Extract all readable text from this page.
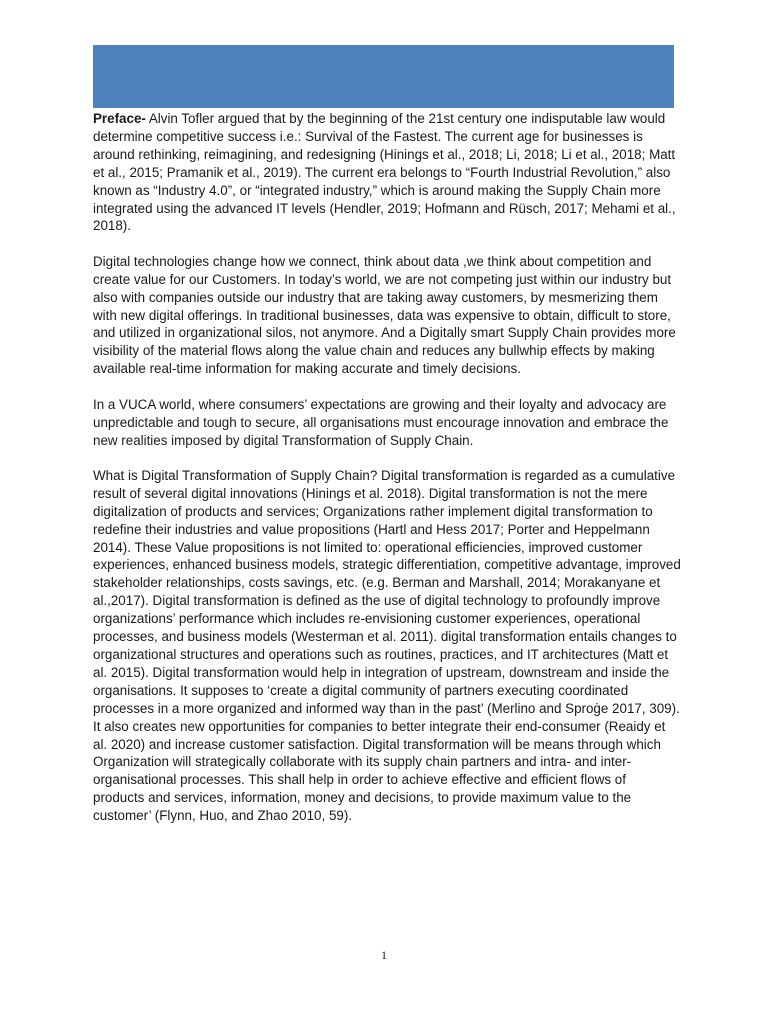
Preface- Alvin Tofler argued that by the beginning of the 21st century one indisputable law would determine competitive success i.e.: Survival of the Fastest. The current age for businesses is around rethinking, reimagining, and redesigning (Hinings et al., 2018; Li, 2018; Li et al., 2018; Matt et al., 2015; Pramanik et al., 2019). The current era belongs to “Fourth Industrial Revolution,” also known as “Industry 4.0”, or “integrated industry,” which is around making the Supply Chain more integrated using the advanced IT levels (Hendler, 2019; Hofmann and Rüsch, 2017; Mehami et al., 2018).

Digital technologies change how we connect, think about data ,we think about competition and create value for our Customers. In today’s world, we are not competing just within our industry but also with companies outside our industry that are taking away customers, by mesmerizing them with new digital offerings. In traditional businesses, data was expensive to obtain, difficult to store, and utilized in organizational silos, not anymore. And a Digitally smart Supply Chain provides more visibility of the material flows along the value chain and reduces any bullwhip effects by making available real-time information for making accurate and timely decisions.

In a VUCA world, where consumers’ expectations are growing and their loyalty and advocacy are unpredictable and tough to secure, all organisations must encourage innovation and embrace the new realities imposed by digital Transformation of Supply Chain.

What is Digital Transformation of Supply Chain? Digital transformation is regarded as a cumulative result of several digital innovations (Hinings et al. 2018). Digital transformation is not the mere digitalization of products and services; Organizations rather implement digital transformation to redefine their industries and value propositions (Hartl and Hess 2017; Porter and Heppelmann 2014). These Value propositions is not limited to: operational efficiencies, improved customer experiences, enhanced business models, strategic differentiation, competitive advantage, improved stakeholder relationships, costs savings, etc. (e.g. Berman and Marshall, 2014; Morakanyane et al.,2017). Digital transformation is defined as the use of digital technology to profoundly improve organizations’ performance which includes re-envisioning customer experiences, operational processes, and business models (Westerman et al. 2011). digital transformation entails changes to organizational structures and operations such as routines, practices, and IT architectures (Matt et al. 2015). Digital transformation would help in integration of upstream, downstream and inside the organisations. It supposes to ‘create a digital community of partners executing coordinated processes in a more organized and informed way than in the past’ (Merlino and Sproġe 2017, 309). It also creates new opportunities for companies to better integrate their end-consumer (Reaidy et al. 2020) and increase customer satisfaction. Digital transformation will be means through which Organization will strategically collaborate with its supply chain partners and intra- and inter-organisational processes. This shall help in order to achieve effective and efficient flows of products and services, information, money and decisions, to provide maximum value to the customer’ (Flynn, Huo, and Zhao 2010, 59).

1
